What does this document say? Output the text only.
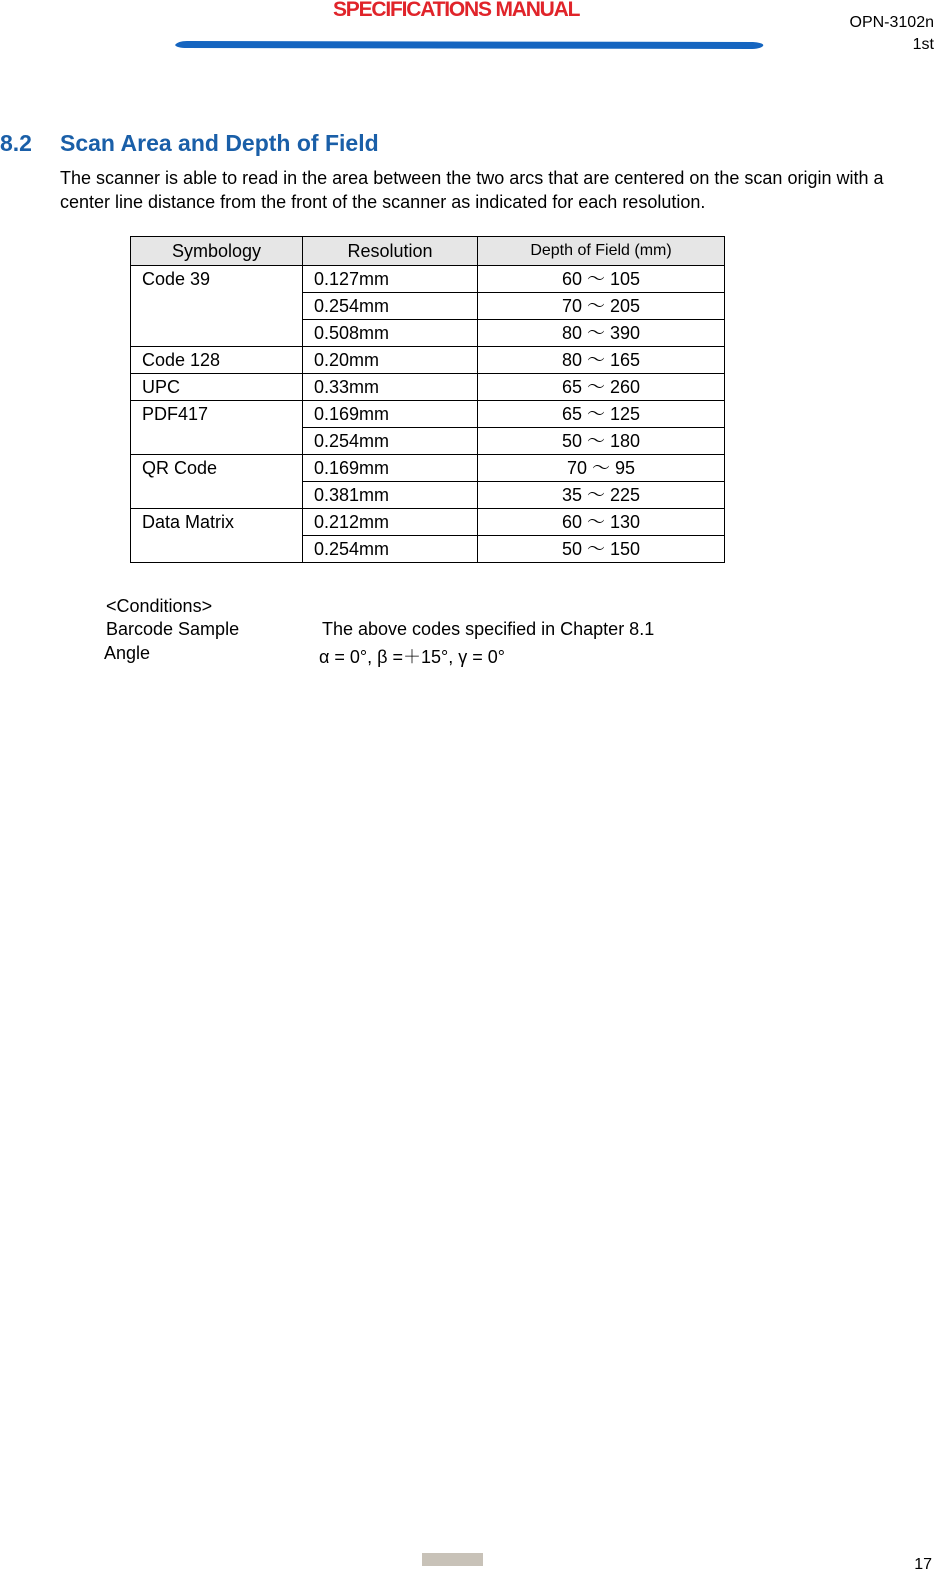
SPECIFICATIONS MANUAL
OPN-3102n
1st
8.2 Scan Area and Depth of Field
The scanner is able to read in the area between the two arcs that are centered on the scan origin with a center line distance from the front of the scanner as indicated for each resolution.
Symbology	Resolution	Depth of Field (mm)
Code 39	0.127mm	60 ～ 105
	0.254mm	70 ～ 205
	0.508mm	80 ～ 390
Code 128	0.20mm	80 ～ 165
UPC	0.33mm	65 ～ 260
PDF417	0.169mm	65 ～ 125
	0.254mm	50 ～ 180
QR Code	0.169mm	70 ～ 95
	0.381mm	35 ～ 225
Data Matrix	0.212mm	60 ～ 130
	0.254mm	50 ～ 150
<Conditions>
Barcode Sample	The above codes specified in Chapter 8.1
Angle	α = 0°, β =＋15°, γ = 0°
17
